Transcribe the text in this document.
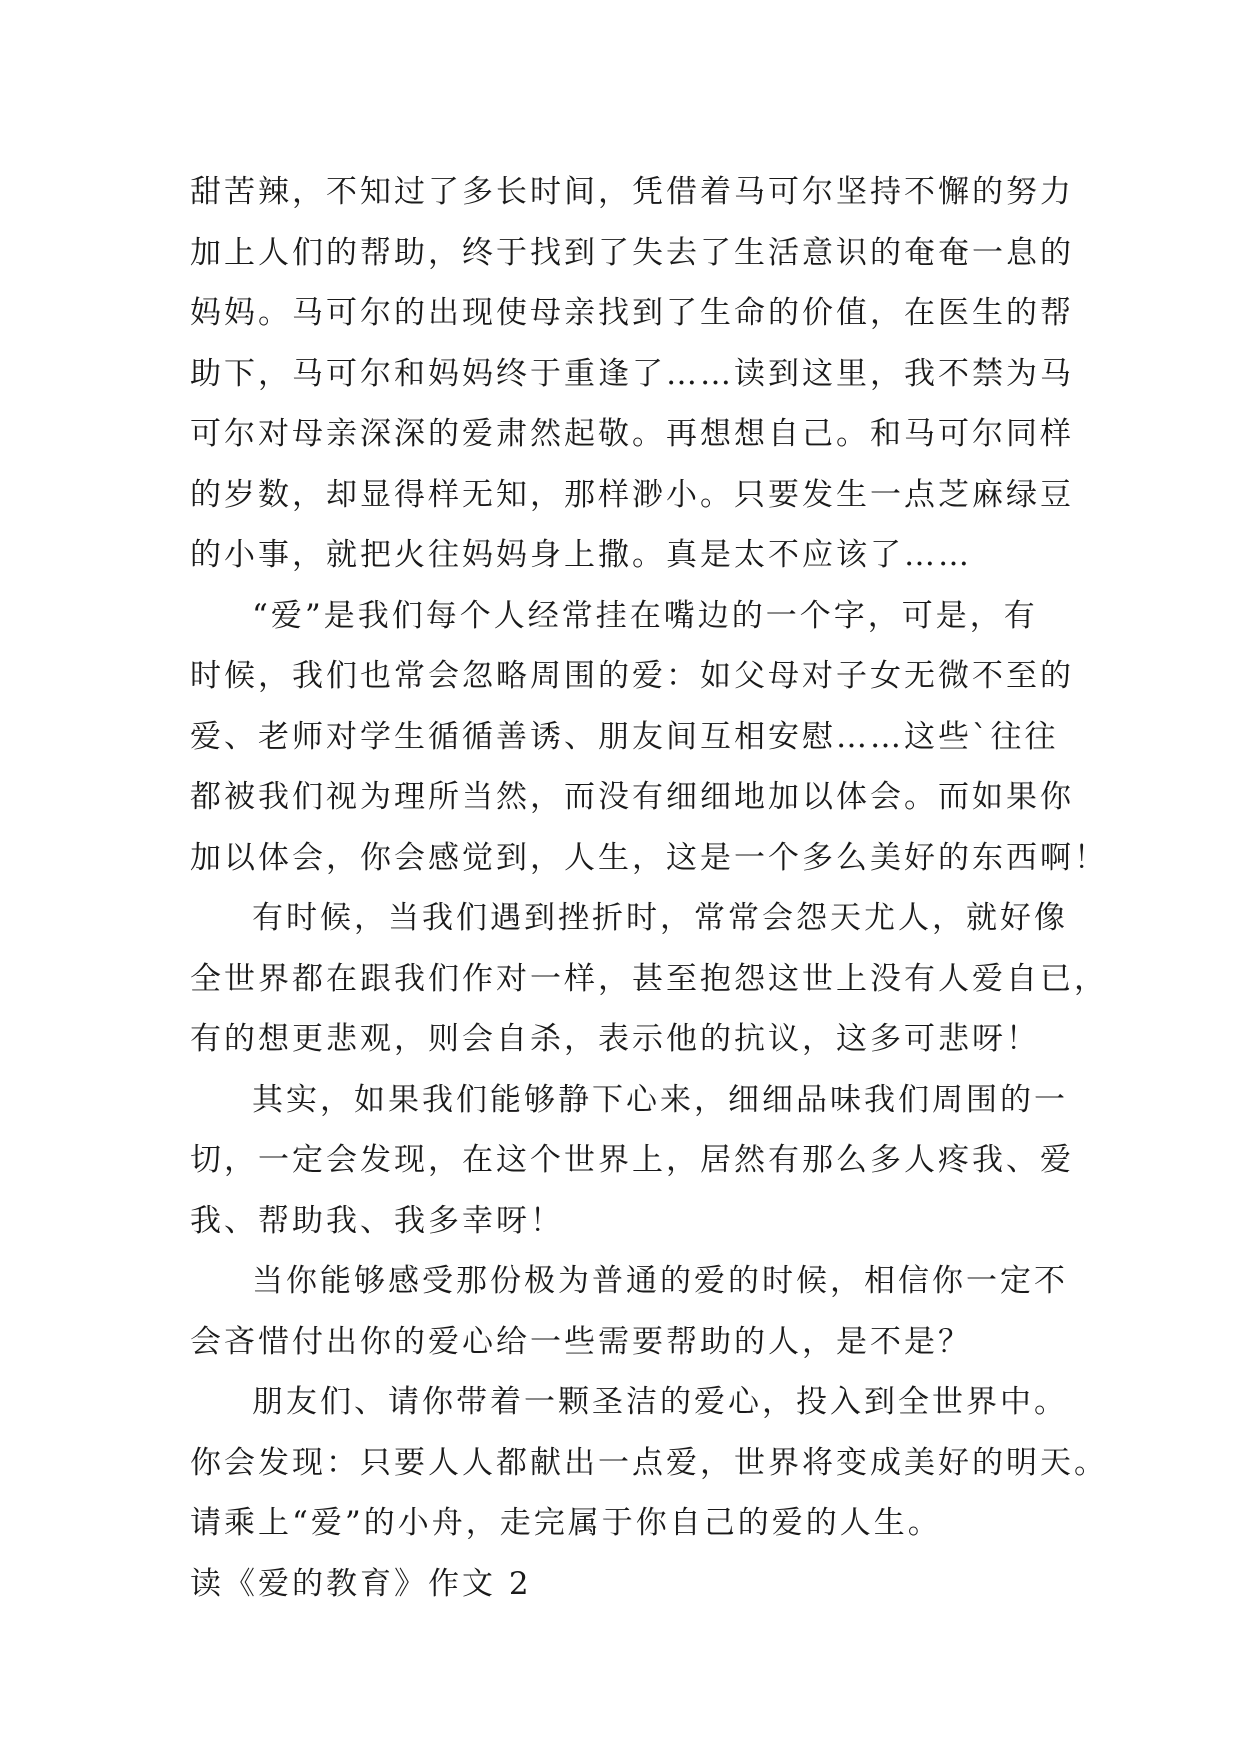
甜苦辣，不知过了多长时间，凭借着马可尔坚持不懈的努力
加上人们的帮助，终于找到了失去了生活意识的奄奄一息的
妈妈。马可尔的出现使母亲找到了生命的价值，在医生的帮
助下，马可尔和妈妈终于重逢了……读到这里，我不禁为马
可尔对母亲深深的爱肃然起敬。再想想自己。和马可尔同样
的岁数，却显得样无知，那样渺小。只要发生一点芝麻绿豆
的小事，就把火往妈妈身上撒。真是太不应该了……
“爱”是我们每个人经常挂在嘴边的一个字，可是，有
时候，我们也常会忽略周围的爱：如父母对子女无微不至的
爱、老师对学生循循善诱、朋友间互相安慰……这些`往往
都被我们视为理所当然，而没有细细地加以体会。而如果你
加以体会，你会感觉到，人生，这是一个多么美好的东西啊！
有时候，当我们遇到挫折时，常常会怨天尤人，就好像
全世界都在跟我们作对一样，甚至抱怨这世上没有人爱自已，
有的想更悲观，则会自杀，表示他的抗议，这多可悲呀！
其实，如果我们能够静下心来，细细品味我们周围的一
切，一定会发现，在这个世界上，居然有那么多人疼我、爱
我、帮助我、我多幸呀！
当你能够感受那份极为普通的爱的时候，相信你一定不
会吝惜付出你的爱心给一些需要帮助的人，是不是？
朋友们、请你带着一颗圣洁的爱心，投入到全世界中。
你会发现：只要人人都献出一点爱，世界将变成美好的明天。
请乘上“爱”的小舟，走完属于你自己的爱的人生。
读《爱的教育》作文 2
